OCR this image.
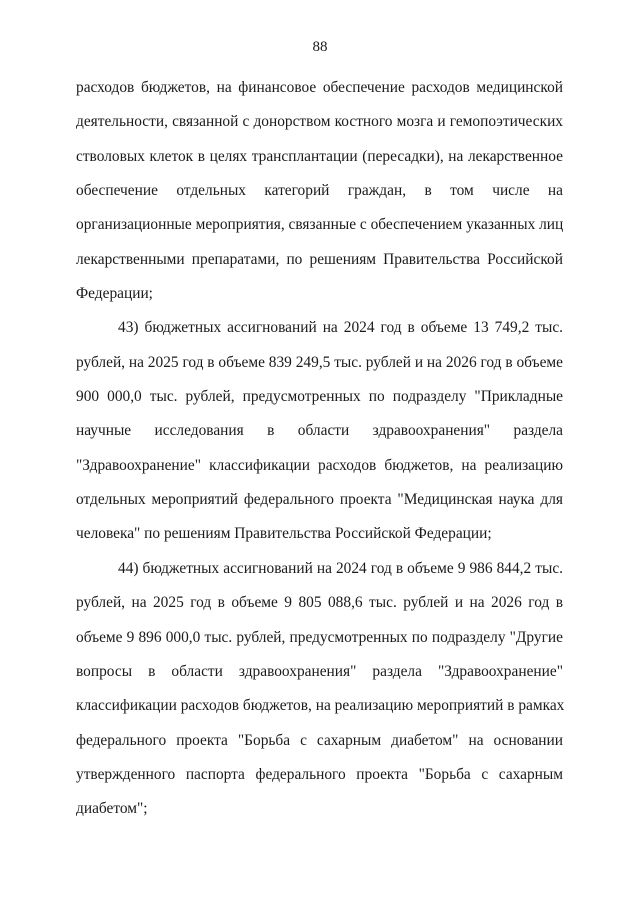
88
расходов бюджетов, на финансовое обеспечение расходов медицинской
деятельности, связанной с донорством костного мозга и гемопоэтических
стволовых клеток в целях трансплантации (пересадки), на лекарственное
обеспечение отдельных категорий граждан, в том числе на
организационные мероприятия, связанные с обеспечением указанных лиц
лекарственными препаратами, по решениям Правительства Российской
Федерации;
43) бюджетных ассигнований на 2024 год в объеме 13 749,2 тыс.
рублей, на 2025 год в объеме 839 249,5 тыс. рублей и на 2026 год в объеме
900 000,0 тыс. рублей, предусмотренных по подразделу "Прикладные
научные исследования в области здравоохранения" раздела
"Здравоохранение" классификации расходов бюджетов, на реализацию
отдельных мероприятий федерального проекта "Медицинская наука для
человека" по решениям Правительства Российской Федерации;
44) бюджетных ассигнований на 2024 год в объеме 9 986 844,2 тыс.
рублей, на 2025 год в объеме 9 805 088,6 тыс. рублей и на 2026 год в
объеме 9 896 000,0 тыс. рублей, предусмотренных по подразделу "Другие
вопросы в области здравоохранения" раздела "Здравоохранение"
классификации расходов бюджетов, на реализацию мероприятий в рамках
федерального проекта "Борьба с сахарным диабетом" на основании
утвержденного паспорта федерального проекта "Борьба с сахарным
диабетом";
